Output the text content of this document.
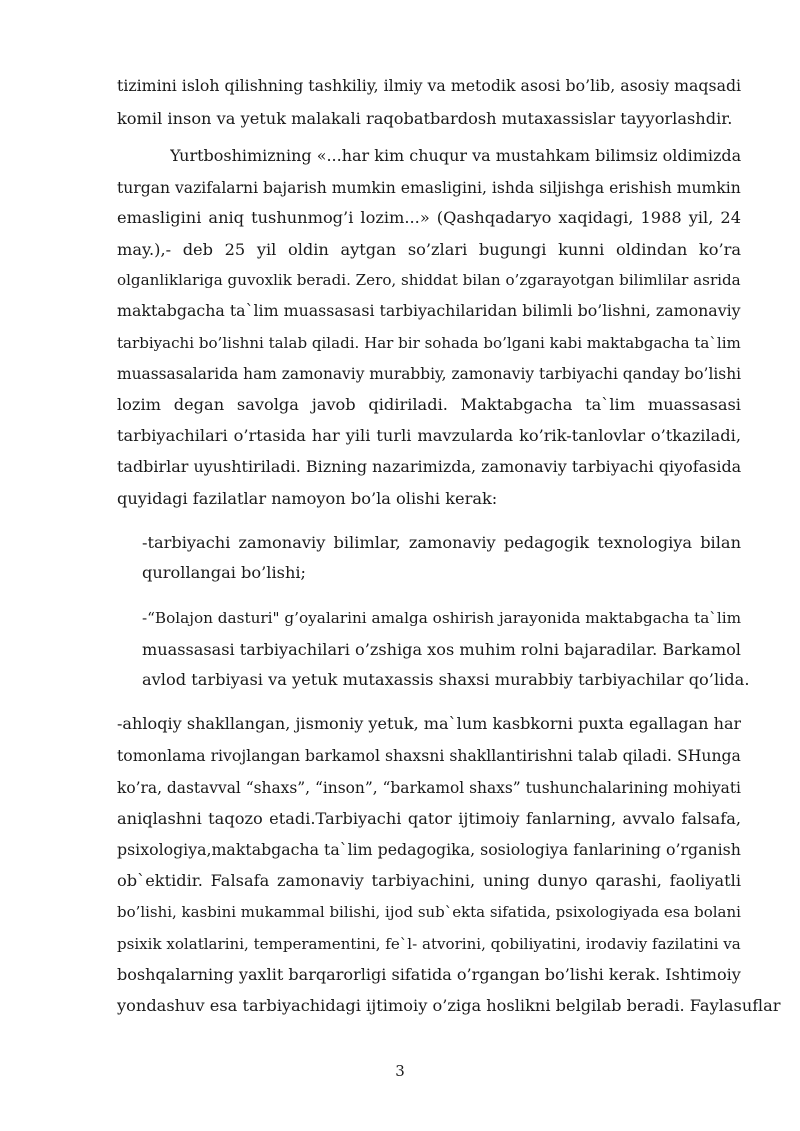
tizimini isloh qilishning tashkiliy, ilmiy va metodik asosi bo’lib, asosiy maqsadi
komil inson va yetuk malakali raqobatbardosh mutaxassislar tayyorlashdir.
Yurtboshimizning «...har kim chuqur va mustahkam bilimsiz oldimizda
turgan vazifalarni bajarish mumkin emasligini, ishda siljishga erishish mumkin
emasligini aniq tushunmog’i lozim...» (Qashqadaryo xaqidagi, 1988 yil, 24
may.),- deb 25 yil oldin aytgan so’zlari bugungi kunni oldindan ko’ra
olganliklariga guvoxlik beradi. Zero, shiddat bilan o’zgarayotgan bilimlilar asrida
maktabgacha ta`lim muassasasi tarbiyachilaridan bilimli bo’lishni, zamonaviy
tarbiyachi bo’lishni talab qiladi. Har bir sohada bo’lgani kabi maktabgacha ta`lim
muassasalarida ham zamonaviy murabbiy, zamonaviy tarbiyachi qanday bo’lishi
lozim degan savolga javob qidiriladi. Maktabgacha ta`lim muassasasi
tarbiyachilari o’rtasida har yili turli mavzularda ko’rik-tanlovlar o’tkaziladi,
tadbirlar uyushtiriladi. Bizning nazarimizda, zamonaviy tarbiyachi qiyofasida
quyidagi fazilatlar namoyon bo’la olishi kerak:
-tarbiyachi zamonaviy bilimlar, zamonaviy pedagogik texnologiya bilan
qurollangai bo’lishi;
-“Bolajon dasturi" g’oyalarini amalga oshirish jarayonida maktabgacha ta`lim
muassasasi tarbiyachilari o’zshiga xos muhim rolni bajaradilar. Barkamol
avlod tarbiyasi va yetuk mutaxassis shaxsi murabbiy tarbiyachilar qo’lida.
-ahloqiy shakllangan, jismoniy yetuk, ma`lum kasbkorni puxta egallagan har
tomonlama rivojlangan barkamol shaxsni shakllantirishni talab qiladi. SHunga
ko’ra, dastavval “shaxs”, “inson”, “barkamol shaxs” tushunchalarining mohiyati
aniqlashni taqozo etadi.Tarbiyachi qator ijtimoiy fanlarning, avvalo falsafa,
psixologiya,maktabgacha ta`lim pedagogika, sosiologiya fanlarining o’rganish
ob`ektidir. Falsafa zamonaviy tarbiyachini, uning dunyo qarashi, faoliyatli
bo’lishi, kasbini mukammal bilishi, ijod sub`ekta sifatida, psixologiyada esa bolani
psixik xolatlarini, temperamentini, fe`l- atvorini, qobiliyatini, irodaviy fazilatini va
boshqalarning yaxlit barqarorligi sifatida o’rgangan bo’lishi kerak. Ishtimoiy
yondashuv esa tarbiyachidagi ijtimoiy o’ziga hoslikni belgilab beradi. Faylasuflar
3
